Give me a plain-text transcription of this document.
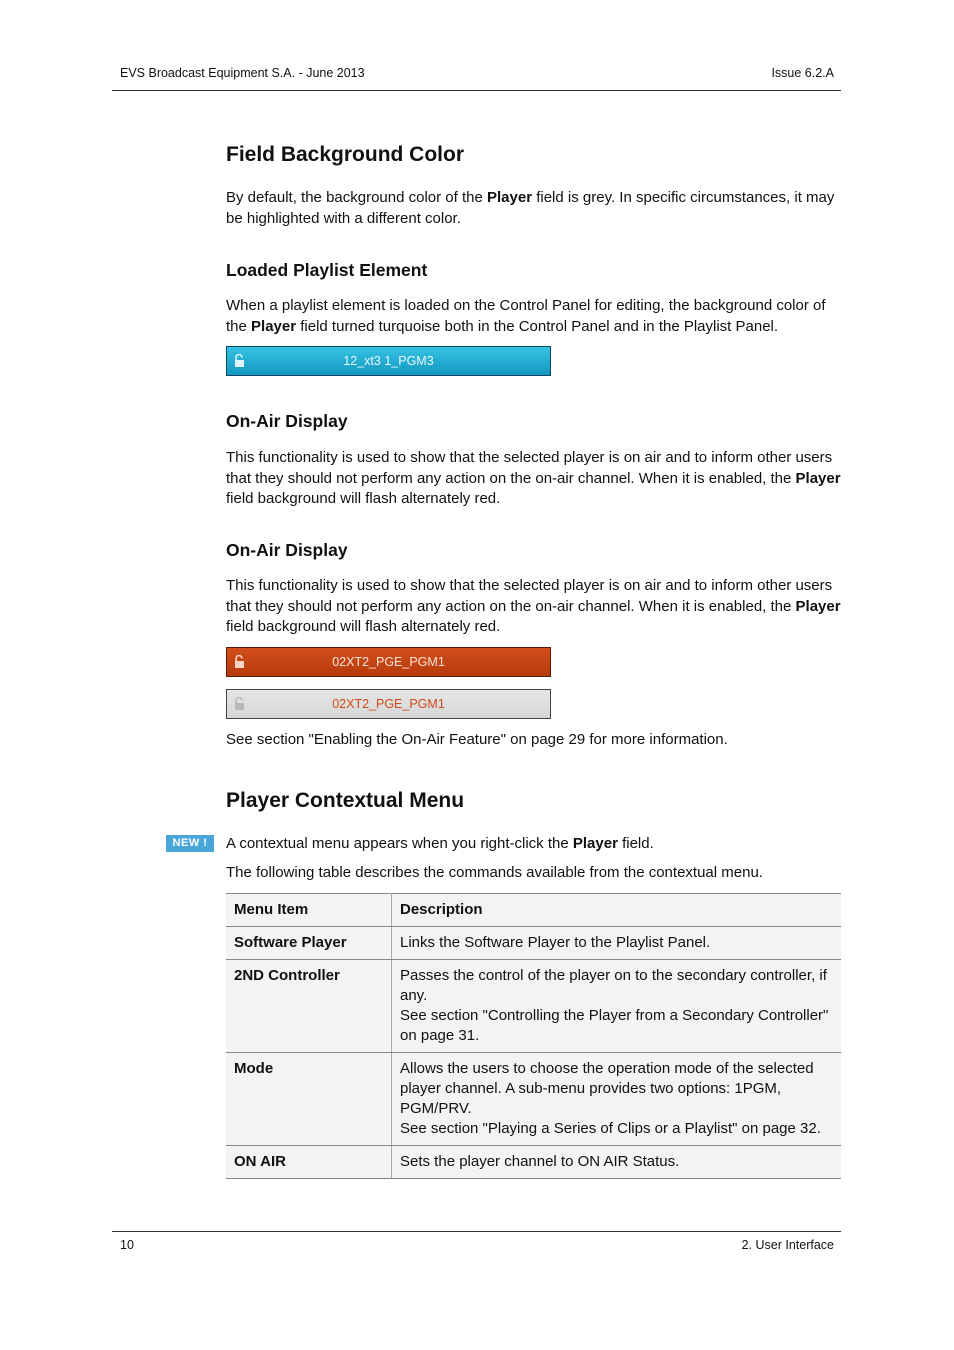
EVS Broadcast Equipment S.A. - June 2013	Issue 6.2.A
Field Background Color
By default, the background color of the Player field is grey. In specific circumstances, it may be highlighted with a different color.
Loaded Playlist Element
When a playlist element is loaded on the Control Panel for editing, the background color of the Player field turned turquoise both in the Control Panel and in the Playlist Panel.
12_xt3 1_PGM3
On-Air Display
This functionality is used to show that the selected player is on air and to inform other users that they should not perform any action on the on-air channel. When it is enabled, the Player field background will flash alternately red.
On-Air Display
This functionality is used to show that the selected player is on air and to inform other users that they should not perform any action on the on-air channel. When it is enabled, the Player field background will flash alternately red.
02XT2_PGE_PGM1
02XT2_PGE_PGM1
See section "Enabling the On-Air Feature" on page 29 for more information.
Player Contextual Menu
NEW !	A contextual menu appears when you right-click the Player field.
The following table describes the commands available from the contextual menu.
Menu Item	Description
Software Player	Links the Software Player to the Playlist Panel.

2ND Controller	Passes the control of the player on to the secondary controller, if any.
See section "Controlling the Player from a Secondary Controller" on page 31.

Mode	Allows the users to choose the operation mode of the selected player channel. A sub-menu provides two options: 1PGM, PGM/PRV.
See section "Playing a Series of Clips or a Playlist" on page 32.

ON AIR	Sets the player channel to ON AIR Status.
10	2. User Interface
